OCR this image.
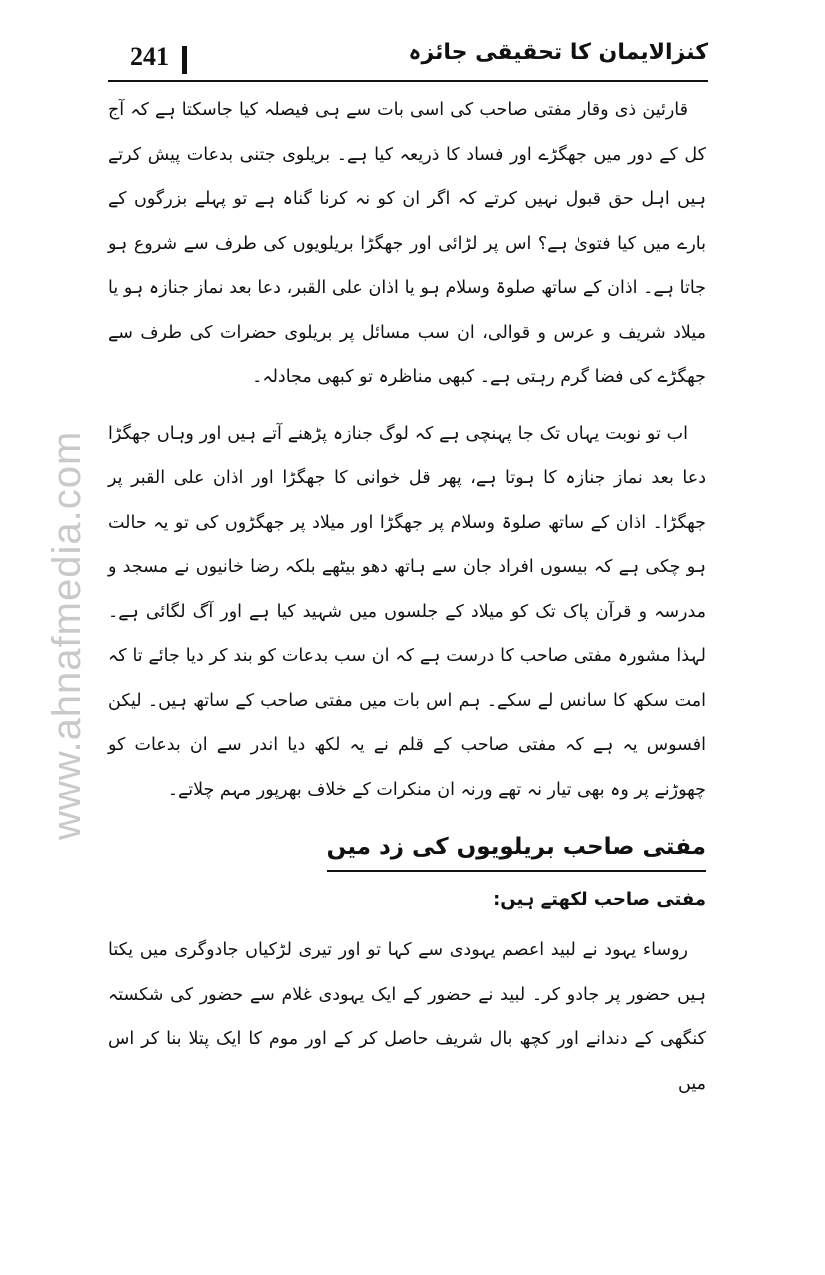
241	کنزالایمان کا تحقیقی جائزہ
www.ahnafmedia.com

قارئین ذی وقار مفتی صاحب کی اسی بات سے ہی فیصلہ کیا جاسکتا ہے کہ آج کل کے دور میں جھگڑے اور فساد کا ذریعہ کیا ہے۔ بریلوی جتنی بدعات پیش کرتے ہیں اہل حق قبول نہیں کرتے کہ اگر ان کو نہ کرنا گناہ ہے تو پہلے بزرگوں کے بارے میں کیا فتویٰ ہے؟ اس پر لڑائی اور جھگڑا بریلویوں کی طرف سے شروع ہو جاتا ہے۔ اذان کے ساتھ صلوۃ وسلام ہو یا اذان علی القبر، دعا بعد نماز جنازہ ہو یا میلاد شریف و عرس و قوالی، ان سب مسائل پر بریلوی حضرات کی طرف سے جھگڑے کی فضا گرم رہتی ہے۔ کبھی مناظرہ تو کبھی مجادلہ۔

اب تو نوبت یہاں تک جا پہنچی ہے کہ لوگ جنازہ پڑھنے آتے ہیں اور وہاں جھگڑا دعا بعد نماز جنازہ کا ہوتا ہے، پھر قل خوانی کا جھگڑا اور اذان علی القبر پر جھگڑا۔ اذان کے ساتھ صلوۃ وسلام پر جھگڑا اور میلاد پر جھگڑوں کی تو یہ حالت ہو چکی ہے کہ بیسوں افراد جان سے ہاتھ دھو بیٹھے بلکہ رضا خانیوں نے مسجد و مدرسہ و قرآن پاک تک کو میلاد کے جلسوں میں شہید کیا ہے اور آگ لگائی ہے۔ لہذا مشورہ مفتی صاحب کا درست ہے کہ ان سب بدعات کو بند کر دیا جائے تا کہ امت سکھ کا سانس لے سکے۔ ہم اس بات میں مفتی صاحب کے ساتھ ہیں۔ لیکن افسوس یہ ہے کہ مفتی صاحب کے قلم نے یہ لکھ دیا اندر سے ان بدعات کو چھوڑنے پر وہ بھی تیار نہ تھے ورنہ ان منکرات کے خلاف بھرپور مہم چلاتے۔

مفتی صاحب بریلویوں کی زد میں

مفتی صاحب لکھتے ہیں:

روساء یہود نے لبید اعصم یہودی سے کہا تو اور تیری لڑکیاں جادوگری میں یکتا ہیں حضور پر جادو کر۔ لبید نے حضور کے ایک یہودی غلام سے حضور کی شکستہ کنگھی کے دندانے اور کچھ بال شریف حاصل کر کے اور موم کا ایک پتلا بنا کر اس میں
